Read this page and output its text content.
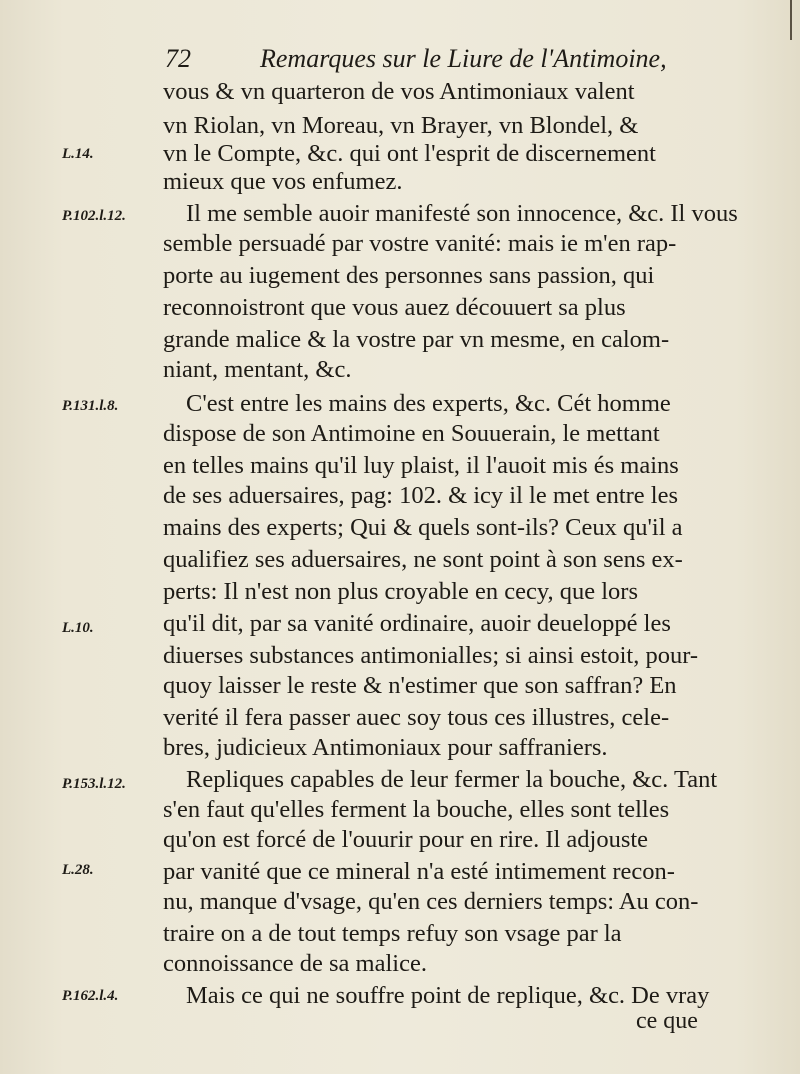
72	Remarques sur le Liure de l'Antimoine,
L.14.
P.102.l.12.
P.131.l.8.
L.10.
P.153.l.12.
L.28.
P.162.l.4.
vous & vn quarteron de vos Antimoniaux valent
vn Riolan, vn Moreau, vn Brayer, vn Blondel, &
vn le Compte, &c. qui ont l'esprit de discernement
mieux que vos enfumez.
Il me semble auoir manifesté son innocence, &c. Il vous
semble persuadé par vostre vanité: mais ie m'en rap-
porte au iugement des personnes sans passion, qui
reconnoistront que vous auez découuert sa plus
grande malice & la vostre par vn mesme, en calom-
niant, mentant, &c.
C'est entre les mains des experts, &c. Cét homme
dispose de son Antimoine en Souuerain, le mettant
en telles mains qu'il luy plaist, il l'auoit mis és mains
de ses aduersaires, pag: 102. & icy il le met entre les
mains des experts; Qui & quels sont-ils? Ceux qu'il a
qualifiez ses aduersaires, ne sont point à son sens ex-
perts: Il n'est non plus croyable en cecy, que lors
qu'il dit, par sa vanité ordinaire, auoir deueloppé les
diuerses substances antimonialles; si ainsi estoit, pour-
quoy laisser le reste & n'estimer que son saffran? En
verité il fera passer auec soy tous ces illustres, cele-
bres, judicieux Antimoniaux pour saffraniers.
Repliques capables de leur fermer la bouche, &c. Tant
s'en faut qu'elles ferment la bouche, elles sont telles
qu'on est forcé de l'ouurir pour en rire. Il adjouste
par vanité que ce mineral n'a esté intimement recon-
nu, manque d'vsage, qu'en ces derniers temps: Au con-
traire on a de tout temps refuy son vsage par la
connoissance de sa malice.
Mais ce qui ne souffre point de replique, &c. De vray
ce que
